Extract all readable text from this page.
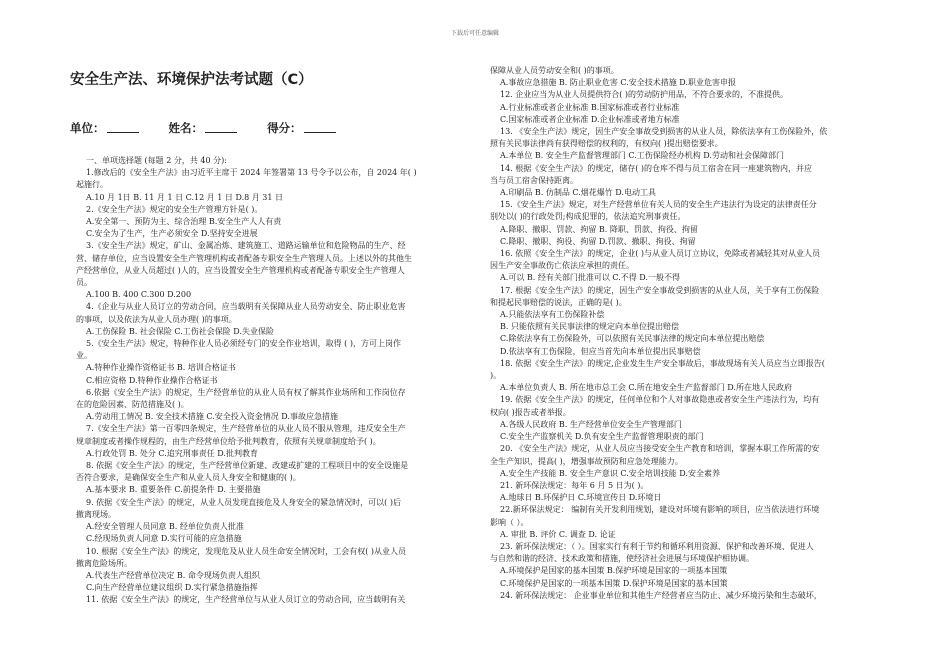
下载后可任意编辑
安全生产法、环境保护法考试题（C）
单位：	姓名：	得分：

一、单项选择题 (每题 2 分，共 40 分):

1.修改后的《安全生产法》由习近平主席于 2024 年签署第 13 号令予以公布，自 2024 年( )

起施行。

A.10 月 1日 B. 11 月 1 日 C.12 月 1 日 D.8 月 31 日

2.《安全生产法》规定的安全生产管理方针是( )。

A.安全第一、预防为主、综合治理 B.安全生产人人有责

C.安全为了生产，生产必须安全 D.坚持安全进展

3.《安全生产法》规定，矿山、金属冶炼、建筑施工、道路运输单位和危险物品的生产、经

营、储存单位，应当设置安全生产管理机构或者配备专职安全生产管理人员。上述以外的其他生

产经营单位，从业人员超过( )人的，应当设置安全生产管理机构或者配备专职安全生产管理人

员。

A.100 B. 400 C.300 D.200

4.《企业与从业人员订立的劳动合同，应当载明有关保障从业人员劳动安全、防止职业危害

的事项，以及依法为从业人员办理( )的事项。

A.工伤保险 B. 社会保险 C.工伤社会保险 D.失业保险

5.《安全生产法》规定，特种作业人员必须经专门的安全作业培训，取得 ( )，方可上岗作

业。

A.特种作业操作资格证书 B. 培训合格证书

C.相应资格 D.特种作业操作合格证书

6.依据《安全生产法》的规定，生产经营单位的从业人员有权了解其作业场所和工作岗位存

在的危险因素、防范措施及( )。

A.劳动用工情况 B. 安全技术措施 C.安全投入资金情况 D.事故应急措施

7.《安全生产法》第一百零四条规定，生产经营单位的从业人员不服从管理，违反安全生产

规章制度或者操作规程的，由生产经营单位给予批判教育，依照有关规章制度给予( )。

A.行政处罚 B. 处分 C.追究刑事责任 D.批判教育

8. 依据《安全生产法》的规定，生产经营单位新建、改建或扩建的工程项目中的安全设施是

否符合要求，是确保安全生产和从业人员人身安全和健康的( )。

A.基本要求 B. 重要条件 C.前提条件 D. 主要措施

9. 依据《安全生产法》的规定，从业人员发现直接危及人身安全的紧急情况时，可以( )后

撤离现场。

A.经安全管理人员同意 B. 经单位负责人批准

C.经现场负责人同意 D.实行可能的应急措施

10. 根据《安全生产法》的规定，发现危及从业人员生命安全情况时，工会有权( )从业人员

撤离危险场所。

A.代表生产经营单位决定 B. 命令现场负责人组织

C.向生产经营单位建议组织 D.实行紧急措施指挥

11. 依据《安全生产法》的规定，生产经营单位与从业人员订立的劳动合同，应当载明有关

保障从业人员劳动安全和( )的事项。

A.事故应急措施 B. 防止职业危害 C.安全技术措施 D.职业危害申报

12. 企业应当为从业人员提供符合( )的劳动防护用品，不符合要求的，不准提供。

A.行业标准或者企业标准 B.国家标准或者行业标准

C.国家标准或者企业标准 D.企业标准或者地方标准

13. 《安全生产法》规定，因生产安全事故受到损害的从业人员，除依法享有工伤保险外，依

照有关民事法律尚有获得赔偿的权利的，有权向( )提出赔偿要求。

A.本单位 B. 安全生产监督管理部门 C.工伤保险经办机构 D.劳动和社会保障部门

14. 根据《安全生产法》的规定，储存( )的仓库不得与员工宿舍在同一座建筑物内，并应

当与员工宿舍保持距离。

A.印刷品 B. 仿制品 C.烟花爆竹 D.电动工具

15.《安全生产法》规定，对生产经营单位有关人员的安全生产违法行为设定的法律责任分

别处以( )的行政处罚;构成犯罪的，依法追究刑事责任。

A.降职、撤职、罚款、拘留 B. 降职、罚款、拘役、拘留

C.降职、撤职、拘役、拘留 D.罚款、撤职、拘役、拘留

16. 依照《安全生产法》的规定，企业( )与从业人员订立协议，免除或者减轻其对从业人员

因生产安全事故伤亡依法应承担的责任。

A.可以 B. 经有关部门批准可以 C.不得 D.一般不得

17. 根据《安全生产法》的规定，因生产安全事故受到损害的从业人员，关于享有工伤保险

和提起民事赔偿的说法，正确的是( )。

A.只能依法享有工伤保险补偿

B. 只能依照有关民事法律的规定向本单位提出赔偿

C.除依法享有工伤保险外，可以依照有关民事法律的规定向本单位提出赔偿

D.依法享有工伤保险，但应当首先向本单位提出民事赔偿

18. 依据《安全生产法》的规定,企业发生生产安全事故后，事故现场有关人员应当立即报告(

)。

A.本单位负责人 B. 所在地市总工会 C.所在地安全生产监督部门 D.所在地人民政府

19. 依据《安全生产法》的规定，任何单位和个人对事故隐患或者安全生产违法行为，均有

权向( )报告或者举报。

A.各级人民政府 B. 生产经营单位安全生产管理部门

C.安全生产监察机关 D.负有安全生产监督管理职责的部门

20. 《安全生产法》规定，从业人员应当接受安全生产教育和培训，掌握本职工作所需的安

全生产知识，提高( )，增强事故预防和应急处理能力。

A.安全生产技能 B. 安全生产意识 C.安全培训技能 D.安全素养

21. 新环保法规定：每年 6 月 5 日为( )。

A.地球日 B.环保护日 C.环境宣传日 D.环境日

22.新环保法规定： 编制有关开发利用规划，建设对环境有影响的项目，应当依法进行环境

影响（ ）。

A. 审批 B. 评价 C. 调查 D. 论证

23. 新环保法规定：（ ）。国家实行有利于节约和循环利用资源、保护和改善环境、促进人

与自然和谐的经济、技术政策和措施，使经济社会进展与环境保护相协调。

A.环境保护是国家的基本国策 B.保护环境是国家的一项基本国策

C.环境保护是国家的一项基本国策 D.保护环境是国家的基本国策

24. 新环保法规定： 企业事业单位和其他生产经营者应当防止、减少环境污染和生态破坏，
